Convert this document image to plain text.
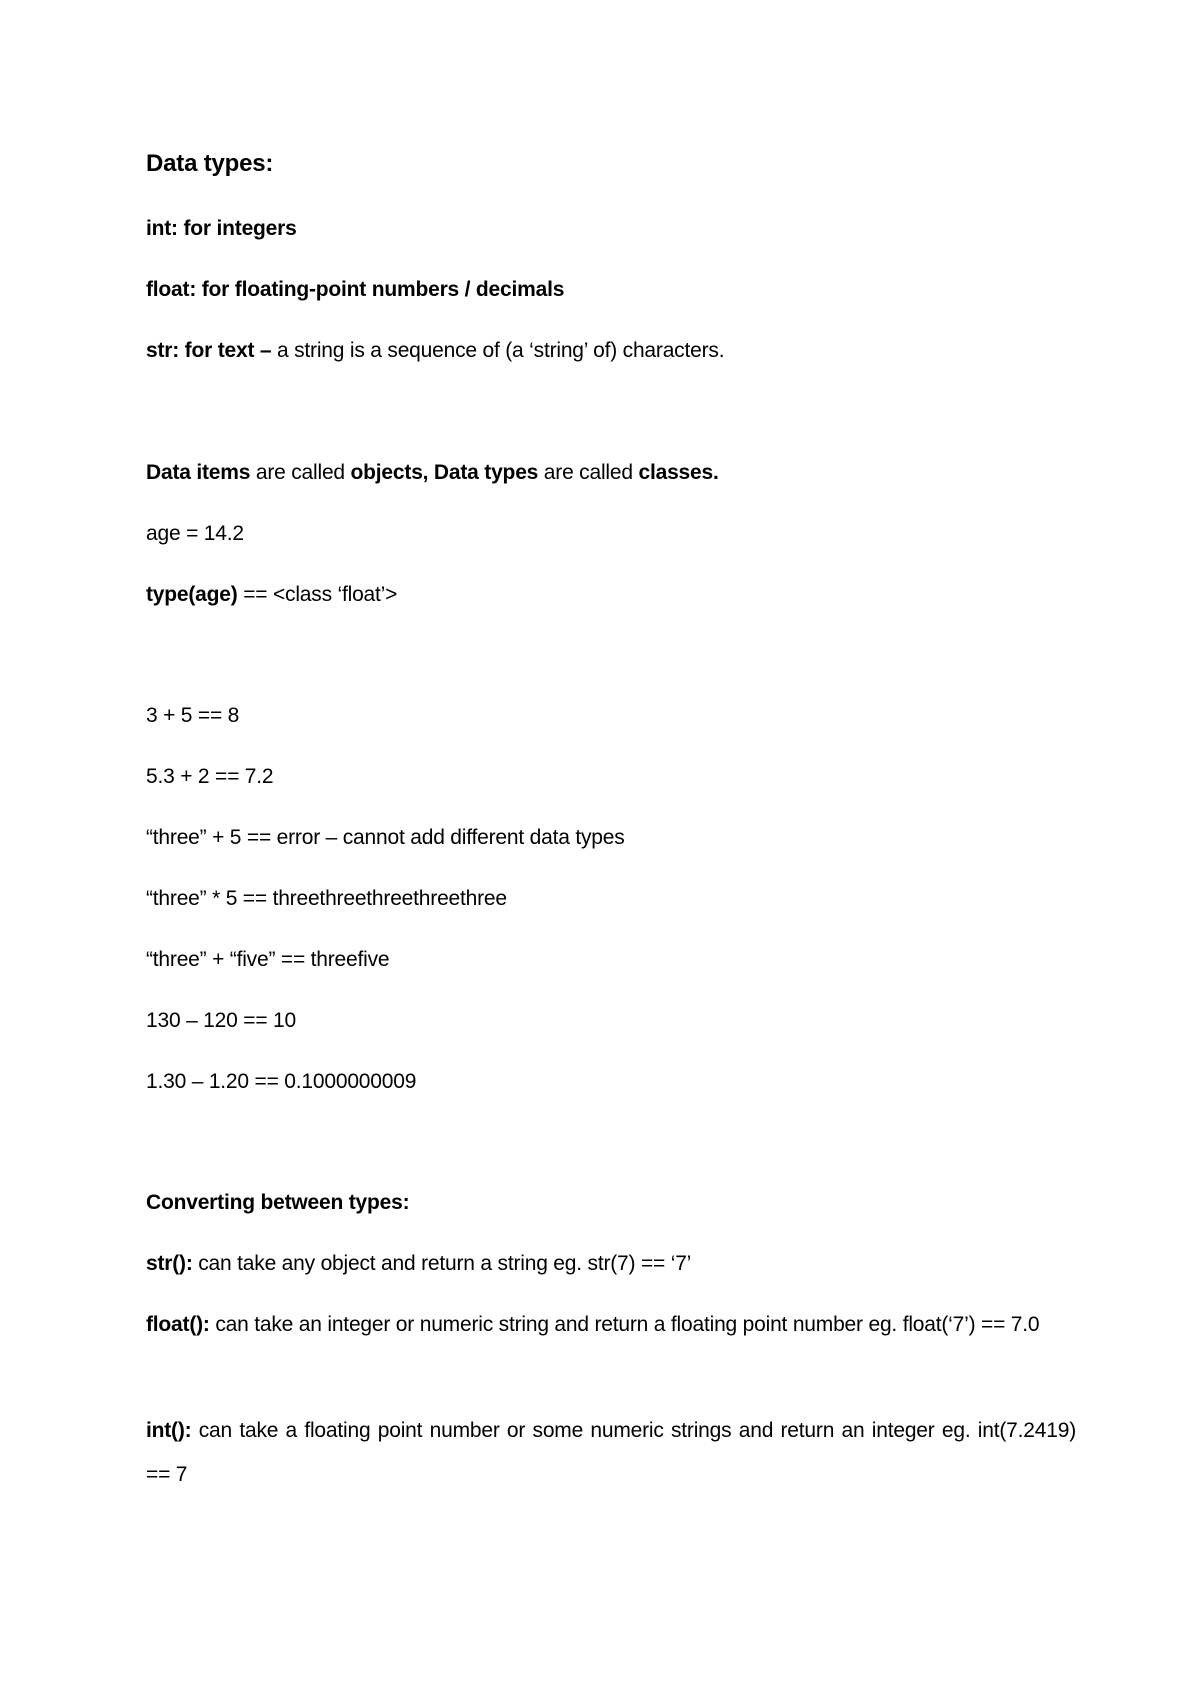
Data types:
int: for integers
float: for floating-point numbers / decimals
str: for text – a string is a sequence of (a ‘string’ of) characters.
Data items are called objects, Data types are called classes.
age = 14.2
type(age) == <class ‘float’>
3 + 5 == 8
5.3 + 2 == 7.2
“three” + 5 == error – cannot add different data types
“three” * 5 == threethreethreethreethree
“three” + “five” == threefive
130 – 120 == 10
1.30 – 1.20 == 0.1000000009
Converting between types:
str(): can take any object and return a string eg. str(7) == ‘7’
float(): can take an integer or numeric string and return a floating point number eg. float(‘7’) == 7.0
int(): can take a floating point number or some numeric strings and return an integer eg. int(7.2419) == 7
